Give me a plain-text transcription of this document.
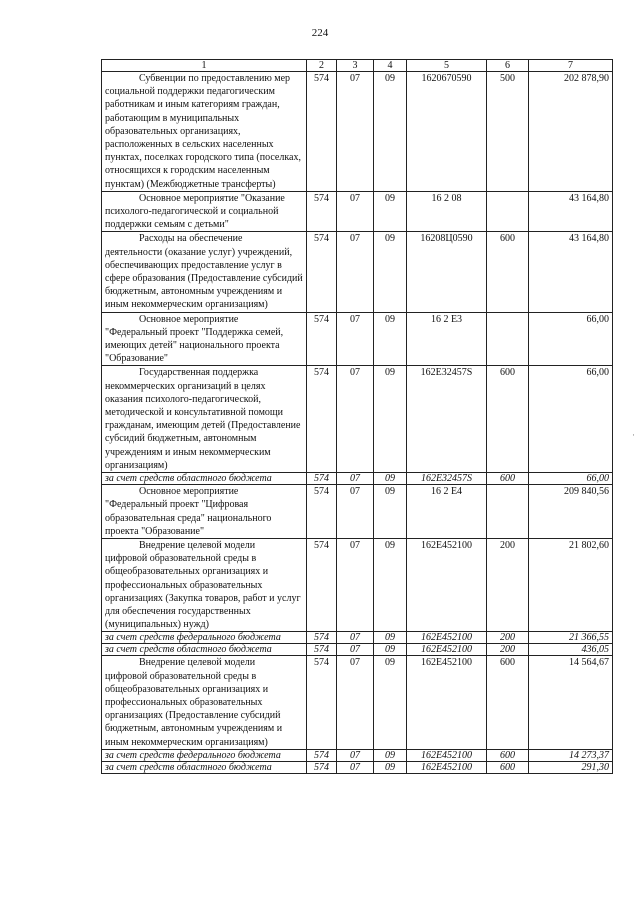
224
1	2	3	4	5	6	7

Субвенции по предоставлению мер
социальной поддержки педагогическим работникам и иным категориям граждан, работающим в муниципальных образовательных организациях, расположенных в сельских населенных пунктах, поселках городского типа (поселках, относящихся к городским населенным пунктам) (Межбюджетные трансферты)	574	07	09	1620670590	500	202 878,90

Основное мероприятие "Оказание
психолого-педагогической и социальной поддержки семьям с детьми"	574	07	09	16 2 08		43 164,80

Расходы на обеспечение
деятельности (оказание услуг) учреждений, обеспечивающих предоставление услуг в сфере образования (Предоставление субсидий бюджетным, автономным учреждениям и иным некоммерческим организациям)	574	07	09	16208Ц0590	600	43 164,80

Основное мероприятие
"Федеральный проект "Поддержка семей, имеющих детей" национального проекта "Образование"	574	07	09	16 2 E3		66,00

Государственная поддержка
некоммерческих организаций в целях оказания психолого-педагогической, методической и консультативной помощи гражданам, имеющим детей (Предоставление субсидий бюджетным, автономным учреждениям и иным некоммерческим организациям)	574	07	09	162E32457S	600	66,00
за счет средств областного бюджета	574	07	09	162E32457S	600	66,00

Основное мероприятие
"Федеральный проект "Цифровая образовательная среда" национального проекта "Образование"	574	07	09	16 2 E4		209 840,56

Внедрение целевой модели
цифровой образовательной среды в общеобразовательных организациях и профессиональных образовательных организациях (Закупка товаров, работ и услуг для обеспечения государственных (муниципальных) нужд)	574	07	09	162E452100	200	21 802,60
за счет средств федерального бюджета	574	07	09	162E452100	200	21 366,55
за счет средств областного бюджета	574	07	09	162E452100	200	436,05

Внедрение целевой модели
цифровой образовательной среды в общеобразовательных организациях и профессиональных образовательных организациях (Предоставление субсидий бюджетным, автономным учреждениям и иным некоммерческим организациям)	574	07	09	162E452100	600	14 564,67
за счет средств федерального бюджета	574	07	09	162E452100	600	14 273,37
за счет средств областного бюджета	574	07	09	162E452100	600	291,30
·
